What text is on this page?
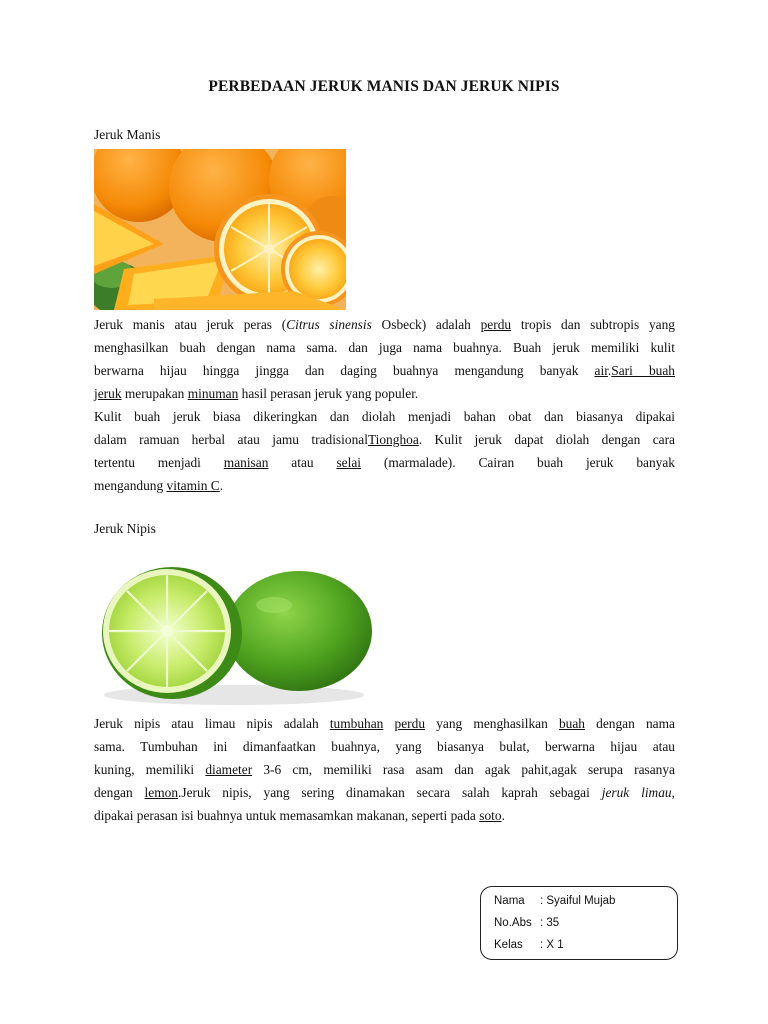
PERBEDAAN JERUK MANIS DAN JERUK NIPIS
Jeruk Manis
Jeruk manis atau jeruk peras (Citrus sinensis Osbeck) adalah perdu tropis dan subtropis yang
menghasilkan buah dengan nama sama. dan juga nama buahnya. Buah jeruk memiliki kulit
berwarna hijau hingga jingga dan daging buahnya mengandung banyak air.Sari buah
jeruk merupakan minuman hasil perasan jeruk yang populer.
Kulit buah jeruk biasa dikeringkan dan diolah menjadi bahan obat dan biasanya dipakai
dalam ramuan herbal atau jamu tradisionalTionghoa. Kulit jeruk dapat diolah dengan cara
tertentu menjadi manisan atau selai (marmalade). Cairan buah jeruk banyak
mengandung vitamin C.
Jeruk Nipis
Jeruk nipis atau limau nipis adalah tumbuhan perdu yang menghasilkan buah dengan nama
sama. Tumbuhan ini dimanfaatkan buahnya, yang biasanya bulat, berwarna hijau atau
kuning, memiliki diameter 3-6 cm, memiliki rasa asam dan agak pahit,agak serupa rasanya
dengan lemon.Jeruk nipis, yang sering dinamakan secara salah kaprah sebagai jeruk limau,
dipakai perasan isi buahnya untuk memasamkan makanan, seperti pada soto.
Nama : Syaiful Mujab
No.Abs : 35
Kelas : X 1
